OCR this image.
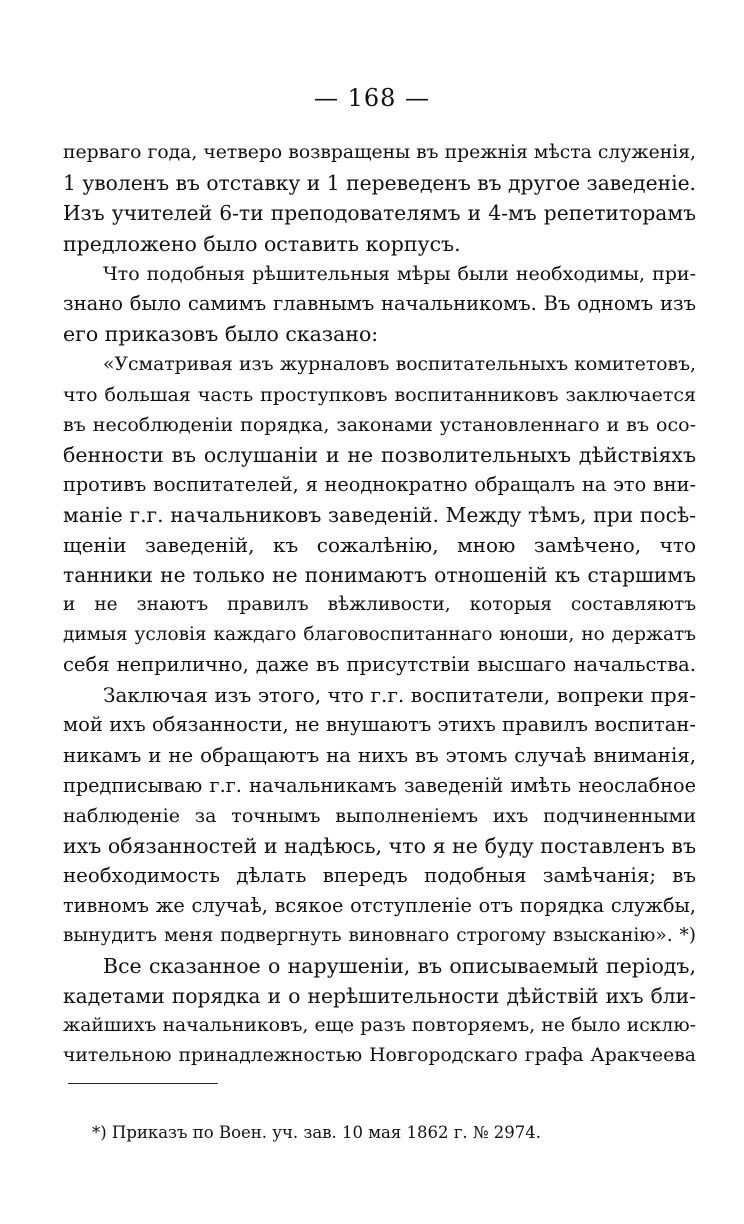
— 168 —
перваго года, четверо возвращены въ прежнія мѣста служенія,
1 уволенъ въ отставку и 1 переведенъ въ другое заведеніе.
Изъ учителей 6-ти преподователямъ и 4-мъ репетиторамъ
предложено было оставить корпусъ.
Что подобныя рѣшительныя мѣры были необходимы, при-
знано было самимъ главнымъ начальникомъ. Въ одномъ изъ
его приказовъ было сказано:
«Усматривая изъ журналовъ воспитательныхъ комитетовъ,
что большая часть проступковъ воспитанниковъ заключается
въ несоблюденіи порядка, законами установленнаго и въ осо-
бенности въ ослушаніи и не позволительныхъ дѣйствіяхъ
противъ воспитателей, я неоднократно обращалъ на это вни-
маніе г.г. начальниковъ заведеній. Между тѣмъ, при посѣ-
щеніи заведеній, къ сожалѣнію, мною замѣчено, что
танники не только не понимаютъ отношеній къ старшимъ
и не знаютъ правилъ вѣжливости, которыя составляютъ
димыя условія каждаго благовоспитаннаго юноши, но держатъ
себя неприлично, даже въ присутствіи высшаго начальства.
Заключая изъ этого, что г.г. воспитатели, вопреки пря-
мой ихъ обязанности, не внушаютъ этихъ правилъ воспитан-
никамъ и не обращаютъ на нихъ въ этомъ случаѣ вниманія,
предписываю г.г. начальникамъ заведеній имѣть неослабное
наблюденіе за точнымъ выполненіемъ ихъ подчиненными
ихъ обязанностей и надѣюсь, что я не буду поставленъ въ
необходимость дѣлать впередъ подобныя замѣчанія; въ
тивномъ же случаѣ, всякое отступленіе отъ порядка службы,
вынудитъ меня подвергнуть виновнаго строгому взысканію». *)
Все сказанное о нарушеніи, въ описываемый періодъ,
кадетами порядка и о нерѣшительности дѣйствій ихъ бли-
жайшихъ начальниковъ, еще разъ повторяемъ, не было исклю-
чительною принадлежностью Новгородскаго графа Аракчеева
*) Приказъ по Воен. уч. зав. 10 мая 1862 г. № 2974.
